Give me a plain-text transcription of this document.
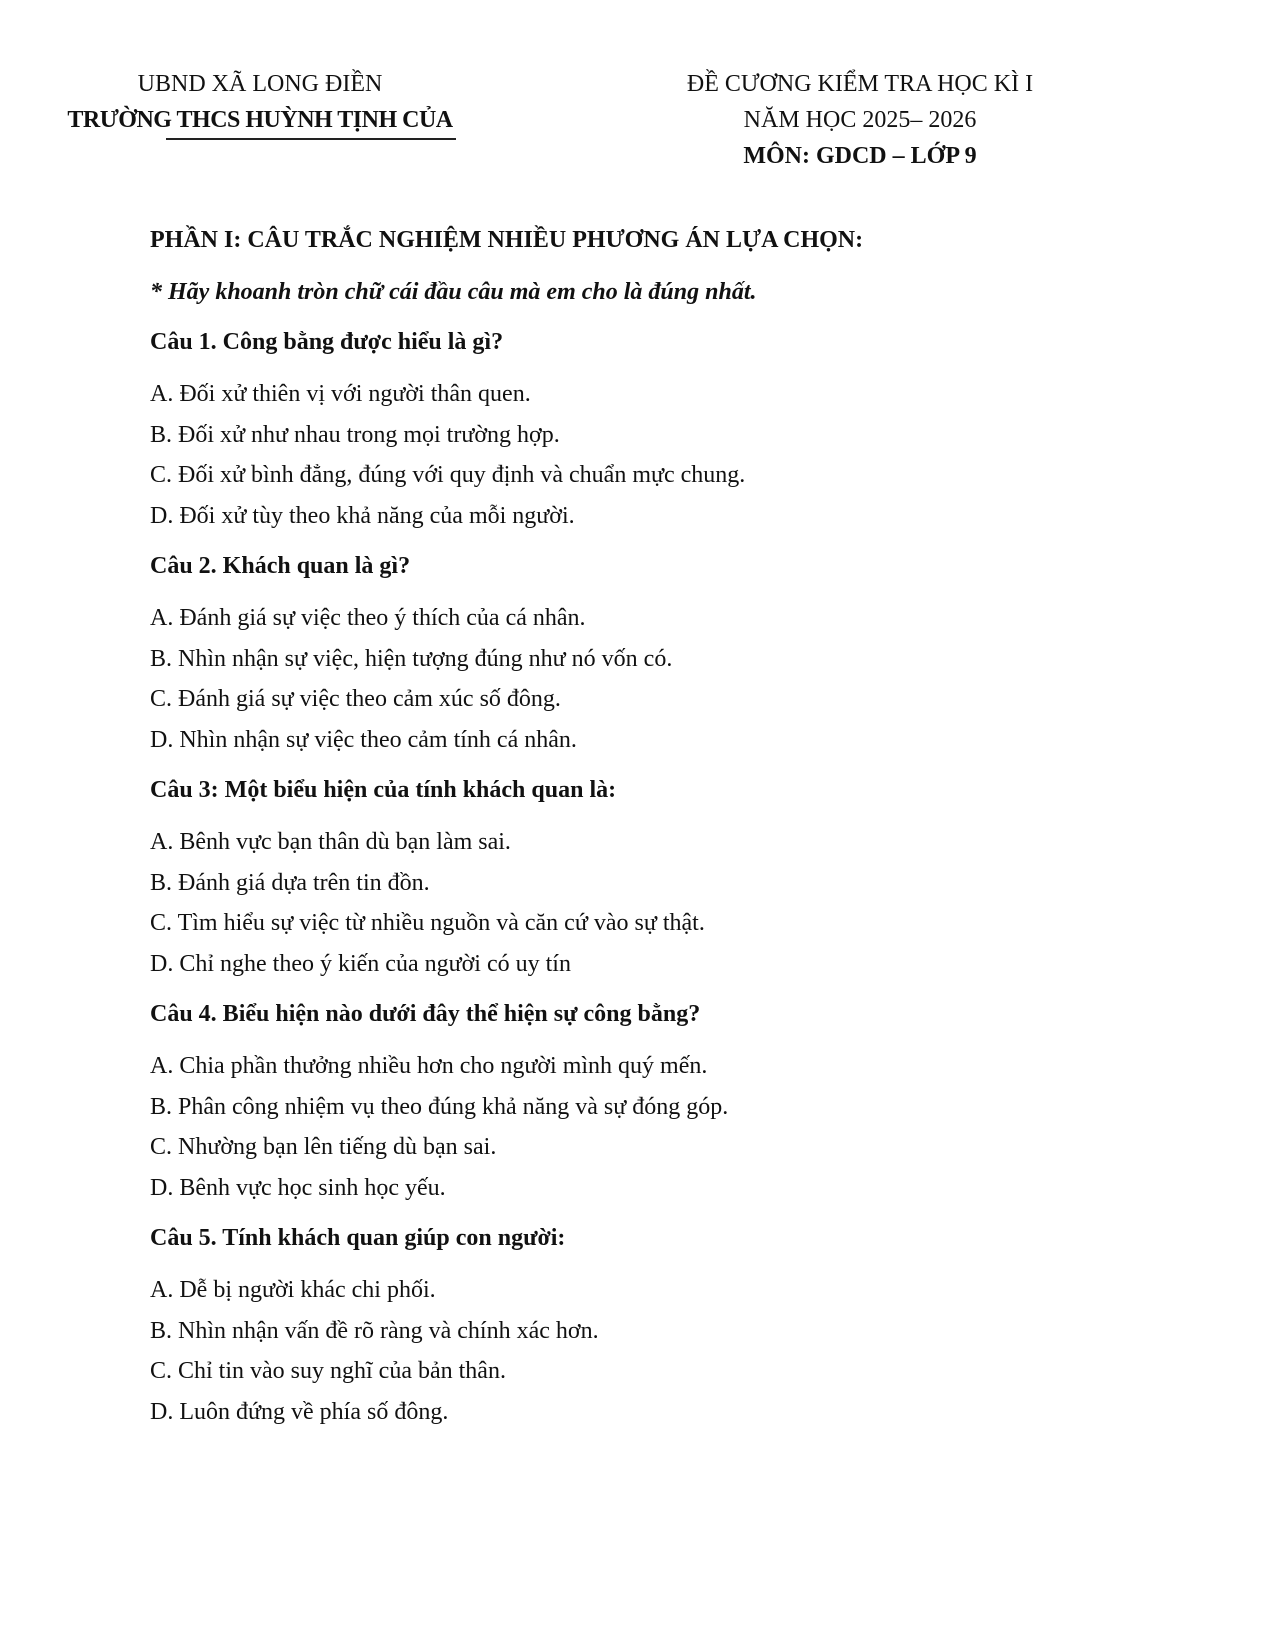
UBND XÃ LONG ĐIỀN
TRƯỜNG THCS HUỲNH TỊNH CỦA
ĐỀ CƯƠNG KIỂM TRA HỌC KÌ I
NĂM HỌC 2025– 2026
MÔN: GDCD – LỚP 9
PHẦN I: CÂU TRẮC NGHIỆM NHIỀU PHƯƠNG ÁN LỰA CHỌN:
* Hãy khoanh tròn chữ cái đầu câu mà em cho là đúng nhất.
Câu 1. Công bằng được hiểu là gì?
A. Đối xử thiên vị với người thân quen.
B. Đối xử như nhau trong mọi trường hợp.
C. Đối xử bình đẳng, đúng với quy định và chuẩn mực chung.
D. Đối xử tùy theo khả năng của mỗi người.
Câu 2. Khách quan là gì?
A. Đánh giá sự việc theo ý thích của cá nhân.
B. Nhìn nhận sự việc, hiện tượng đúng như nó vốn có.
C. Đánh giá sự việc theo cảm xúc số đông.
D. Nhìn nhận sự việc theo cảm tính cá nhân.
Câu 3: Một biểu hiện của tính khách quan là:
A. Bênh vực bạn thân dù bạn làm sai.
B. Đánh giá dựa trên tin đồn.
C. Tìm hiểu sự việc từ nhiều nguồn và căn cứ vào sự thật.
D. Chỉ nghe theo ý kiến của người có uy tín
Câu 4. Biểu hiện nào dưới đây thể hiện sự công bằng?
A. Chia phần thưởng nhiều hơn cho người mình quý mến.
B. Phân công nhiệm vụ theo đúng khả năng và sự đóng góp.
C. Nhường bạn lên tiếng dù bạn sai.
D. Bênh vực học sinh học yếu.
Câu 5. Tính khách quan giúp con người:
A. Dễ bị người khác chi phối.
B. Nhìn nhận vấn đề rõ ràng và chính xác hơn.
C. Chỉ tin vào suy nghĩ của bản thân.
D. Luôn đứng về phía số đông.
